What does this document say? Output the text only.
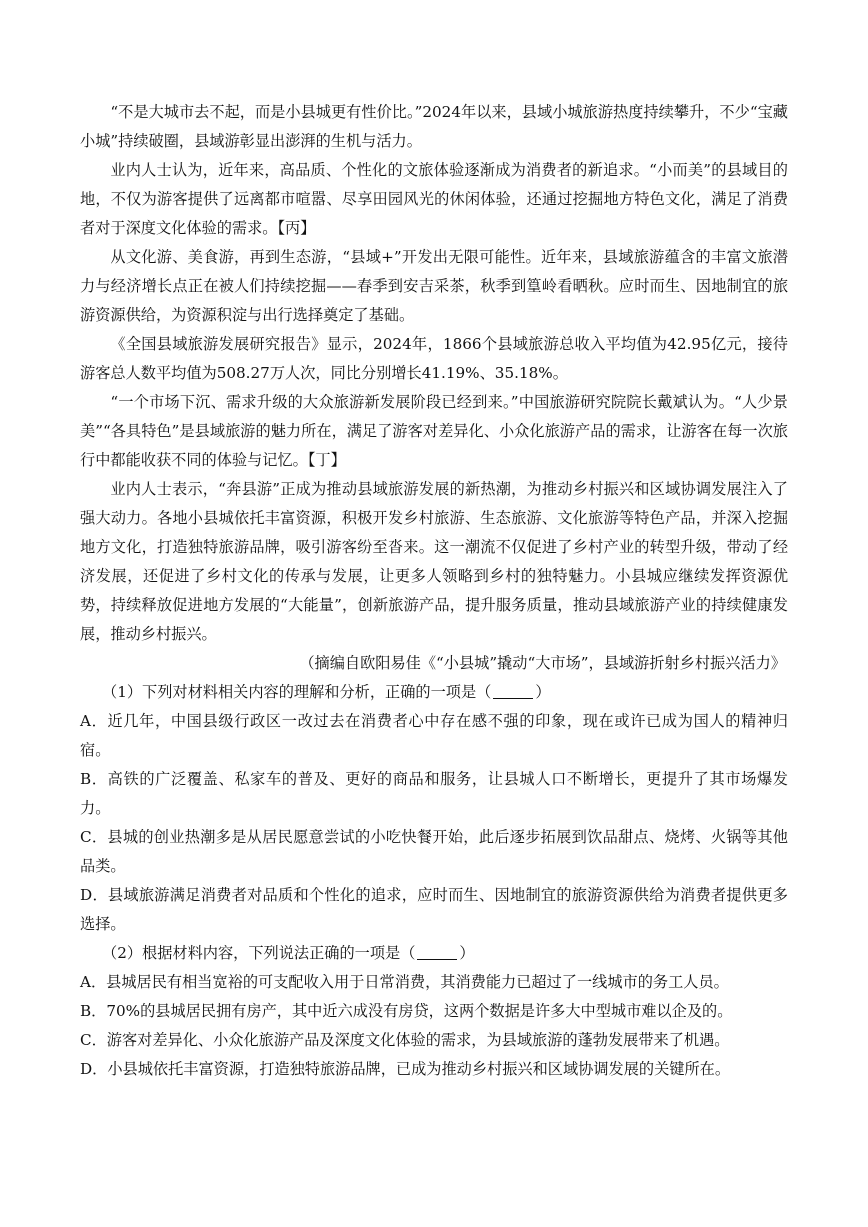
“不是大城市去不起，而是小县城更有性价比。”2024年以来，县域小城旅游热度持续攀升，不少“宝藏小城”持续破圈，县域游彰显出澎湃的生机与活力。

业内人士认为，近年来，高品质、个性化的文旅体验逐渐成为消费者的新追求。“小而美”的县域目的地，不仅为游客提供了远离都市喧嚣、尽享田园风光的休闲体验，还通过挖掘地方特色文化，满足了消费者对于深度文化体验的需求。【丙】

从文化游、美食游，再到生态游，“县域+”开发出无限可能性。近年来，县域旅游蕴含的丰富文旅潜力与经济增长点正在被人们持续挖掘——春季到安吉采茶，秋季到篁岭看晒秋。应时而生、因地制宜的旅游资源供给，为资源积淀与出行选择奠定了基础。

《全国县域旅游发展研究报告》显示，2024年，1866个县域旅游总收入平均值为42.95亿元，接待游客总人数平均值为508.27万人次，同比分别增长41.19%、35.18%。

“一个市场下沉、需求升级的大众旅游新发展阶段已经到来。”中国旅游研究院院长戴斌认为。“人少景美”“各具特色”是县域旅游的魅力所在，满足了游客对差异化、小众化旅游产品的需求，让游客在每一次旅行中都能收获不同的体验与记忆。【丁】

业内人士表示，“奔县游”正成为推动县域旅游发展的新热潮，为推动乡村振兴和区域协调发展注入了强大动力。各地小县城依托丰富资源，积极开发乡村旅游、生态旅游、文化旅游等特色产品，并深入挖掘地方文化，打造独特旅游品牌，吸引游客纷至沓来。这一潮流不仅促进了乡村产业的转型升级，带动了经济发展，还促进了乡村文化的传承与发展，让更多人领略到乡村的独特魅力。小县城应继续发挥资源优势，持续释放促进地方发展的“大能量”，创新旅游产品，提升服务质量，推动县域旅游产业的持续健康发展，推动乡村振兴。

（摘编自欧阳易佳《“小县城”撬动“大市场”，县域游折射乡村振兴活力》

（1）下列对材料相关内容的理解和分析，正确的一项是（	）

A．近几年，中国县级行政区一改过去在消费者心中存在感不强的印象，现在或许已成为国人的精神归宿。

B．高铁的广泛覆盖、私家车的普及、更好的商品和服务，让县城人口不断增长，更提升了其市场爆发力。

C．县城的创业热潮多是从居民愿意尝试的小吃快餐开始，此后逐步拓展到饮品甜点、烧烤、火锅等其他品类。

D．县域旅游满足消费者对品质和个性化的追求，应时而生、因地制宜的旅游资源供给为消费者提供更多选择。

（2）根据材料内容，下列说法正确的一项是（	）

A．县城居民有相当宽裕的可支配收入用于日常消费，其消费能力已超过了一线城市的务工人员。

B．70%的县城居民拥有房产，其中近六成没有房贷，这两个数据是许多大中型城市难以企及的。

C．游客对差异化、小众化旅游产品及深度文化体验的需求，为县域旅游的蓬勃发展带来了机遇。

D．小县城依托丰富资源，打造独特旅游品牌，已成为推动乡村振兴和区域协调发展的关键所在。
